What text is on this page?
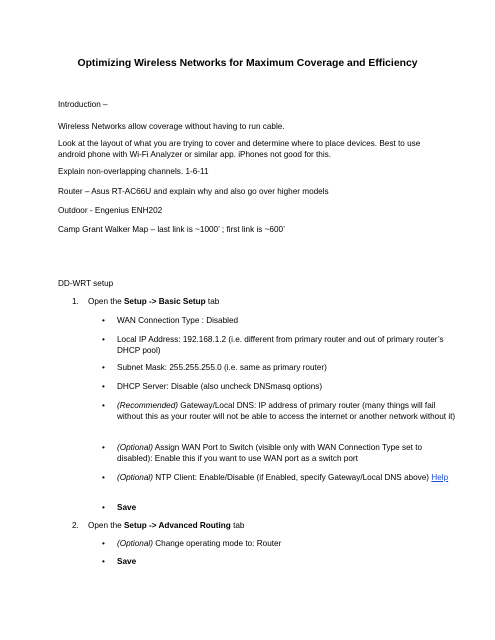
Optimizing Wireless Networks for Maximum Coverage and Efficiency
Introduction –
Wireless Networks allow coverage without having to run cable.
Look at the layout of what you are trying to cover and determine where to place devices. Best to use android phone with Wi-Fi Analyzer or similar app. iPhones not good for this.
Explain non-overlapping channels. 1-6-11
Router – Asus RT-AC66U and explain why and also go over higher models
Outdoor - Engenius ENH202
Camp Grant Walker Map – last link is ~1000’ ; first link is ~600’
DD-WRT setup
1. Open the Setup -> Basic Setup tab
• WAN Connection Type : Disabled
• Local IP Address: 192.168.1.2 (i.e. different from primary router and out of primary router’s DHCP pool)
• Subnet Mask: 255.255.255.0 (i.e. same as primary router)
• DHCP Server: Disable (also uncheck DNSmasq options)
• (Recommended) Gateway/Local DNS: IP address of primary router (many things will fail without this as your router will not be able to access the internet or another network without it)
• (Optional) Assign WAN Port to Switch (visible only with WAN Connection Type set to disabled): Enable this if you want to use WAN port as a switch port
• (Optional) NTP Client: Enable/Disable (if Enabled, specify Gateway/Local DNS above) Help
• Save
2. Open the Setup -> Advanced Routing tab
• (Optional) Change operating mode to: Router
• Save
